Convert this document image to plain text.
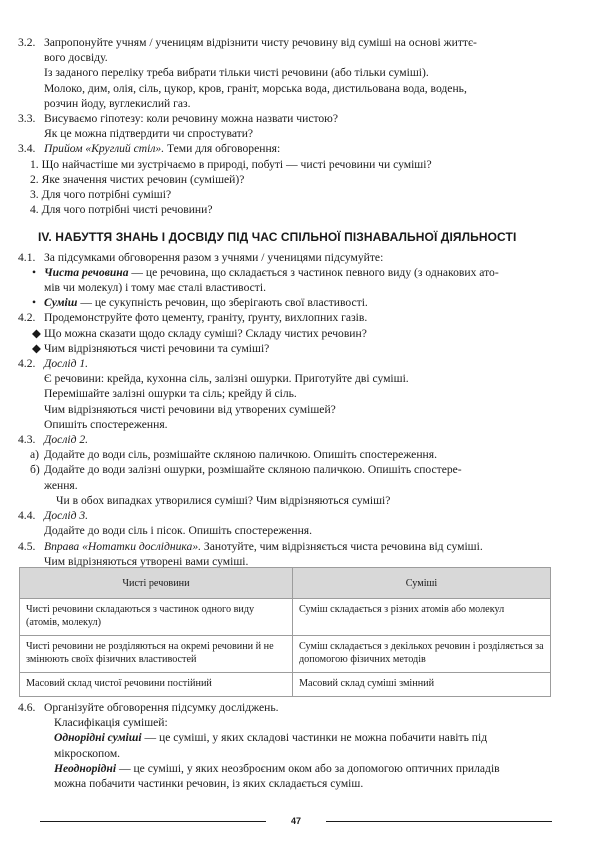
3.2. Запропонуйте учням / ученицям відрізнити чисту речовину від суміші на основі життє-
вого досвіду.
Із заданого переліку треба вибрати тільки чисті речовини (або тільки суміші).
Молоко, дим, олія, сіль, цукор, кров, граніт, морська вода, дистильована вода, водень,
розчин йоду, вуглекислий газ.
3.3. Висуваємо гіпотезу: коли речовину можна назвати чистою?
Як це можна підтвердити чи спростувати?
3.4. Прийом «Круглий стіл». Теми для обговорення:
1. Що найчастіше ми зустрічаємо в природі, побуті — чисті речовини чи суміші?
2. Яке значення чистих речовин (сумішей)?
3. Для чого потрібні суміші?
4. Для чого потрібні чисті речовини?
IV. НАБУТТЯ ЗНАНЬ І ДОСВІДУ ПІД ЧАС СПІЛЬНОЇ ПІЗНАВАЛЬНОЇ ДІЯЛЬНОСТІ
4.1. За підсумками обговорення разом з учнями / ученицями підсумуйте:
• Чиста речовина — це речовина, що складається з частинок певного виду (з однакових ато-
мів чи молекул) і тому має сталі властивості.
• Суміш — це сукупність речовин, що зберігають свої властивості.
4.2. Продемонструйте фото цементу, граніту, ґрунту, вихлопних газів.
◆ Що можна сказати щодо складу суміші? Складу чистих речовин?
◆ Чим відрізняються чисті речовини та суміші?
4.2. Дослід 1.
Є речовини: крейда, кухонна сіль, залізні ошурки. Приготуйте дві суміші.
Перемішайте залізні ошурки та сіль; крейду й сіль.
Чим відрізняються чисті речовини від утворених сумішей?
Опишіть спостереження.
4.3. Дослід 2.
а) Додайте до води сіль, розмішайте скляною паличкою. Опишіть спостереження.
б) Додайте до води залізні ошурки, розмішайте скляною паличкою. Опишіть спостере-
ження.
Чи в обох випадках утворилися суміші? Чим відрізняються суміші?
4.4. Дослід 3.
Додайте до води сіль і пісок. Опишіть спостереження.
4.5. Вправа «Нотатки дослідника». Занотуйте, чим відрізняється чиста речовина від суміші.
Чим відрізняються утворені вами суміші.
Чисті речовини	Суміші
Чисті речовини складаються з частинок одного виду (атомів, молекул)	Суміш складається з різних атомів або молекул
Чисті речовини не розділяються на окремі речовини й не змінюють своїх фізичних властивостей	Суміш складається з декількох речовин і розділяється за допомогою фізичних методів
Масовий склад чистої речовини постійний	Масовий склад суміші змінний
4.6. Організуйте обговорення підсумку досліджень.
Класифікація сумішей:
Однорідні суміші — це суміші, у яких складові частинки не можна побачити навіть під
мікроскопом.
Неоднорідні — це суміші, у яких неозброєним оком або за допомогою оптичних приладів
можна побачити частинки речовин, із яких складається суміш.
47
